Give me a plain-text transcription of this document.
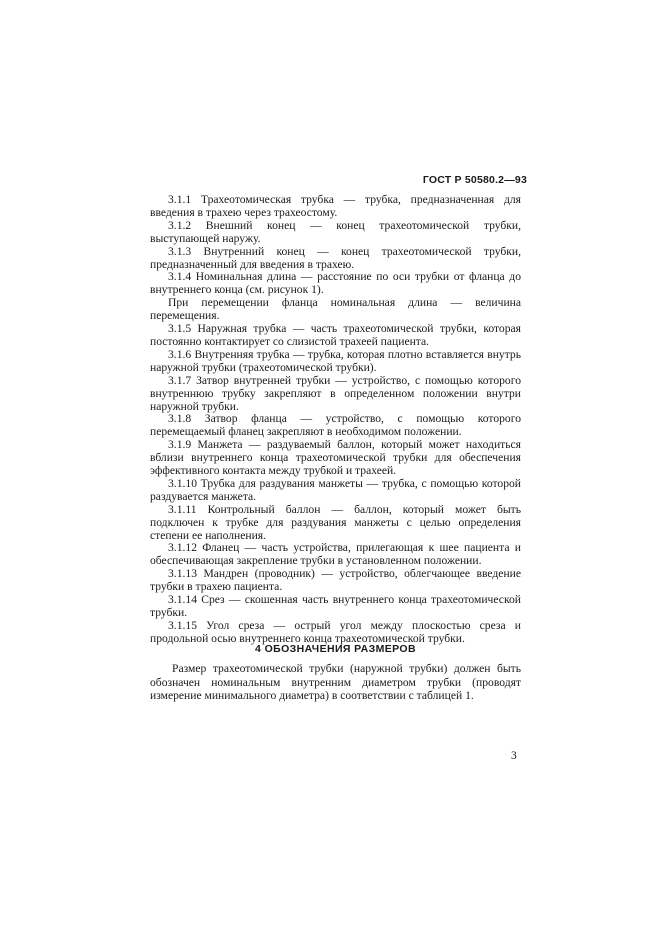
ГОСТ Р 50580.2—93

3.1.1 Трахеотомическая трубка — трубка, предназначенная для введения в трахею через трахеостому.

3.1.2 Внешний конец — конец трахеотомической трубки, выступающей наружу.

3.1.3 Внутренний конец — конец трахеотомической трубки, предназначенный для введения в трахею.

3.1.4 Номинальная длина — расстояние по оси трубки от фланца до внутреннего конца (см. рисунок 1).

При перемещении фланца номинальная длина — величина перемещения.

3.1.5 Наружная трубка — часть трахеотомической трубки, которая постоянно контактирует со слизистой трахеей пациента.

3.1.6 Внутренняя трубка — трубка, которая плотно вставляется внутрь наружной трубки (трахеотомической трубки).

3.1.7 Затвор внутренней трубки — устройство, с помощью которого внутреннюю трубку закрепляют в определенном положении внутри наружной трубки.

3.1.8 Затвор фланца — устройство, с помощью которого перемещаемый фланец закрепляют в необходимом положении.

3.1.9 Манжета — раздуваемый баллон, который может находиться вблизи внутреннего конца трахеотомической трубки для обеспечения эффективного контакта между трубкой и трахеей.

3.1.10 Трубка для раздувания манжеты — трубка, с помощью которой раздувается манжета.

3.1.11 Контрольный баллон — баллон, который может быть подключен к трубке для раздувания манжеты с целью определения степени ее наполнения.

3.1.12 Фланец — часть устройства, прилегающая к шее пациента и обеспечивающая закрепление трубки в установленном положении.

3.1.13 Мандрен (проводник) — устройство, облегчающее введение трубки в трахею пациента.

3.1.14 Срез — скошенная часть внутреннего конца трахеотомической трубки.

3.1.15 Угол среза — острый угол между плоскостью среза и продольной осью внутреннего конца трахеотомической трубки.

4 ОБОЗНАЧЕНИЯ РАЗМЕРОВ

Размер трахеотомической трубки (наружной трубки) должен быть обозначен номинальным внутренним диаметром трубки (проводят измерение минимального диаметра) в соответствии с таблицей 1.

3
